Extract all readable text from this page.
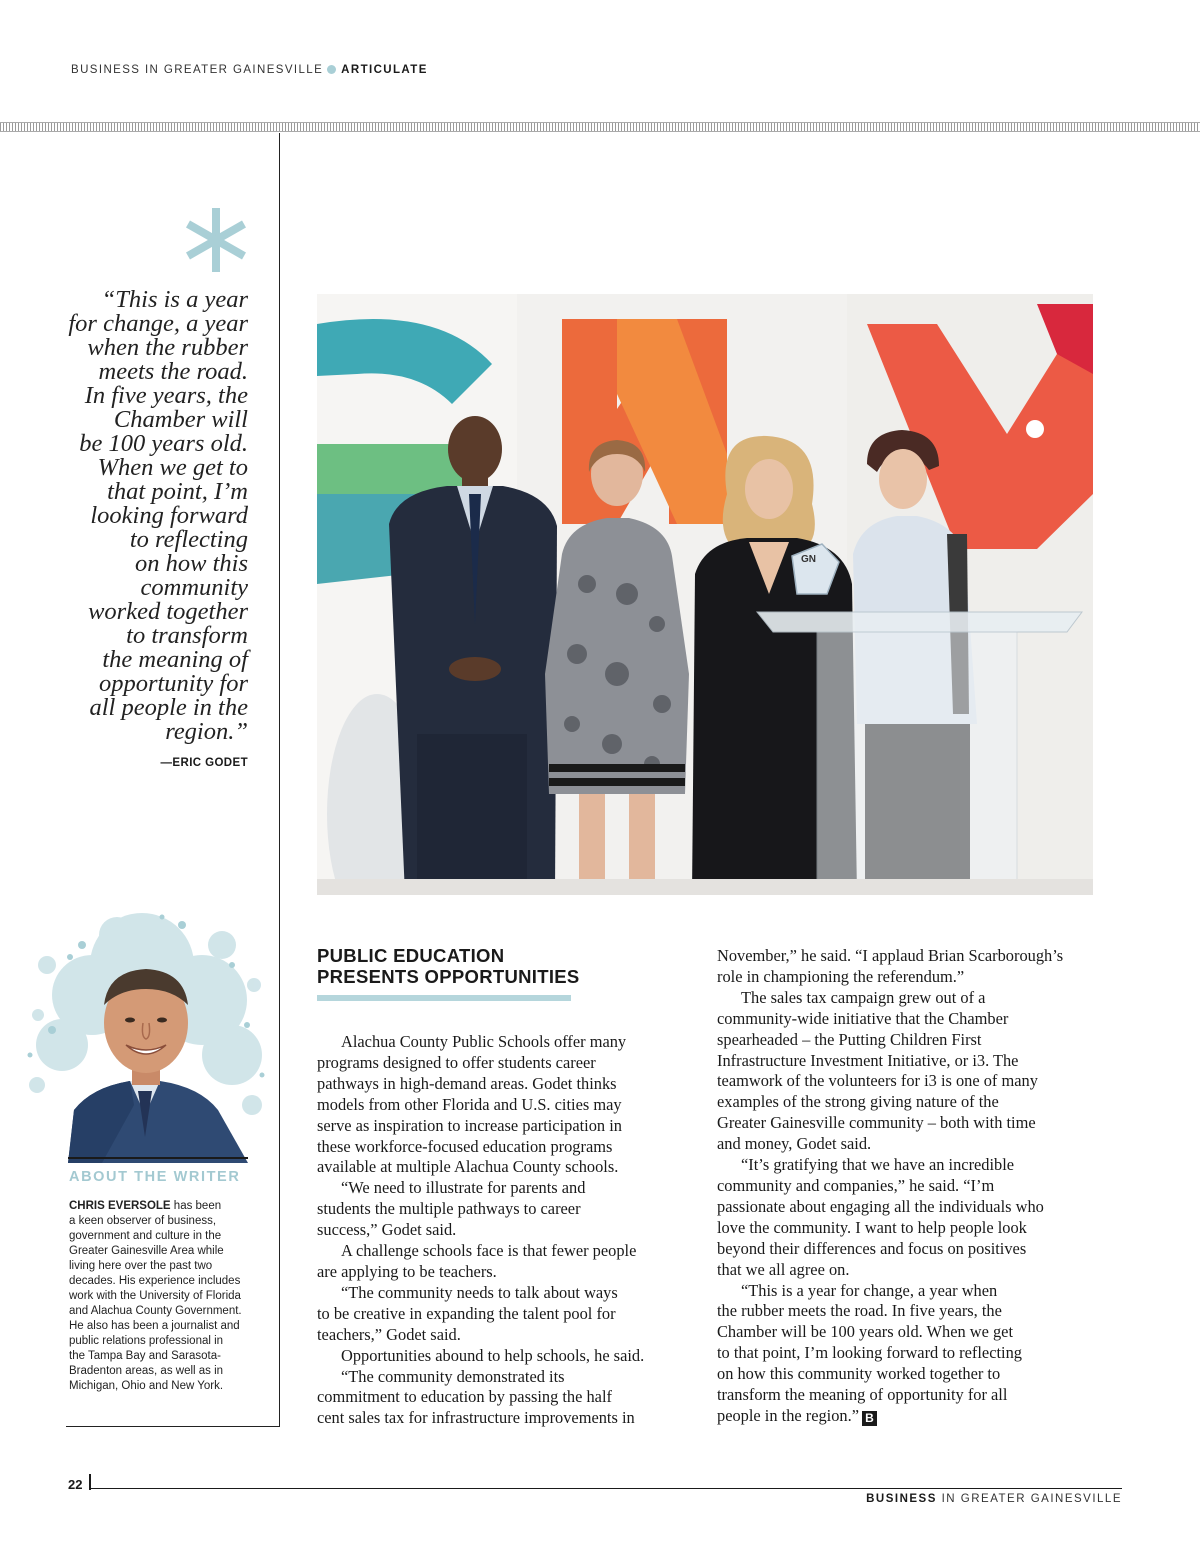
BUSINESS IN GREATER GAINESVILLE ARTICULATE
“This is a year
for change, a year
when the rubber
meets the road.
In five years, the
Chamber will
be 100 years old.
When we get to
that point, I’m
looking forward
to reflecting
on how this
community
worked together
to transform
the meaning of
opportunity for
all people in the
region.”
—ERIC GODET
ABOUT THE WRITER
CHRIS EVERSOLE has been
a keen observer of business,
government and culture in the
Greater Gainesville Area while
living here over the past two
decades. His experience includes
work with the University of Florida
and Alachua County Government.
He also has been a journalist and
public relations professional in
the Tampa Bay and Sarasota-
Bradenton areas, as well as in
Michigan, Ohio and New York.
GN
PUBLIC EDUCATION
PRESENTS OPPORTUNITIES

Alachua County Public Schools offer many

programs designed to offer students career

pathways in high-demand areas. Godet thinks

models from other Florida and U.S. cities may

serve as inspiration to increase participation in

these workforce-focused education programs

available at multiple Alachua County schools.

“We need to illustrate for parents and

students the multiple pathways to career

success,” Godet said.

A challenge schools face is that fewer people

are applying to be teachers.

“The community needs to talk about ways

to be creative in expanding the talent pool for

teachers,” Godet said.

Opportunities abound to help schools, he said.

“The community demonstrated its

commitment to education by passing the half

cent sales tax for infrastructure improvements in

November,” he said. “I applaud Brian Scarborough’s

role in championing the referendum.”

The sales tax campaign grew out of a

community-wide initiative that the Chamber

spearheaded – the Putting Children First

Infrastructure Investment Initiative, or i3. The

teamwork of the volunteers for i3 is one of many

examples of the strong giving nature of the

Greater Gainesville community – both with time

and money, Godet said.

“It’s gratifying that we have an incredible

community and companies,” he said. “I’m

passionate about engaging all the individuals who

love the community. I want to help people look

beyond their differences and focus on positives

that we all agree on.

“This is a year for change, a year when

the rubber meets the road. In five years, the

Chamber will be 100 years old. When we get

to that point, I’m looking forward to reflecting

on how this community worked together to

transform the meaning of opportunity for all

people in the region.” B

22
BUSINESS IN GREATER GAINESVILLE
